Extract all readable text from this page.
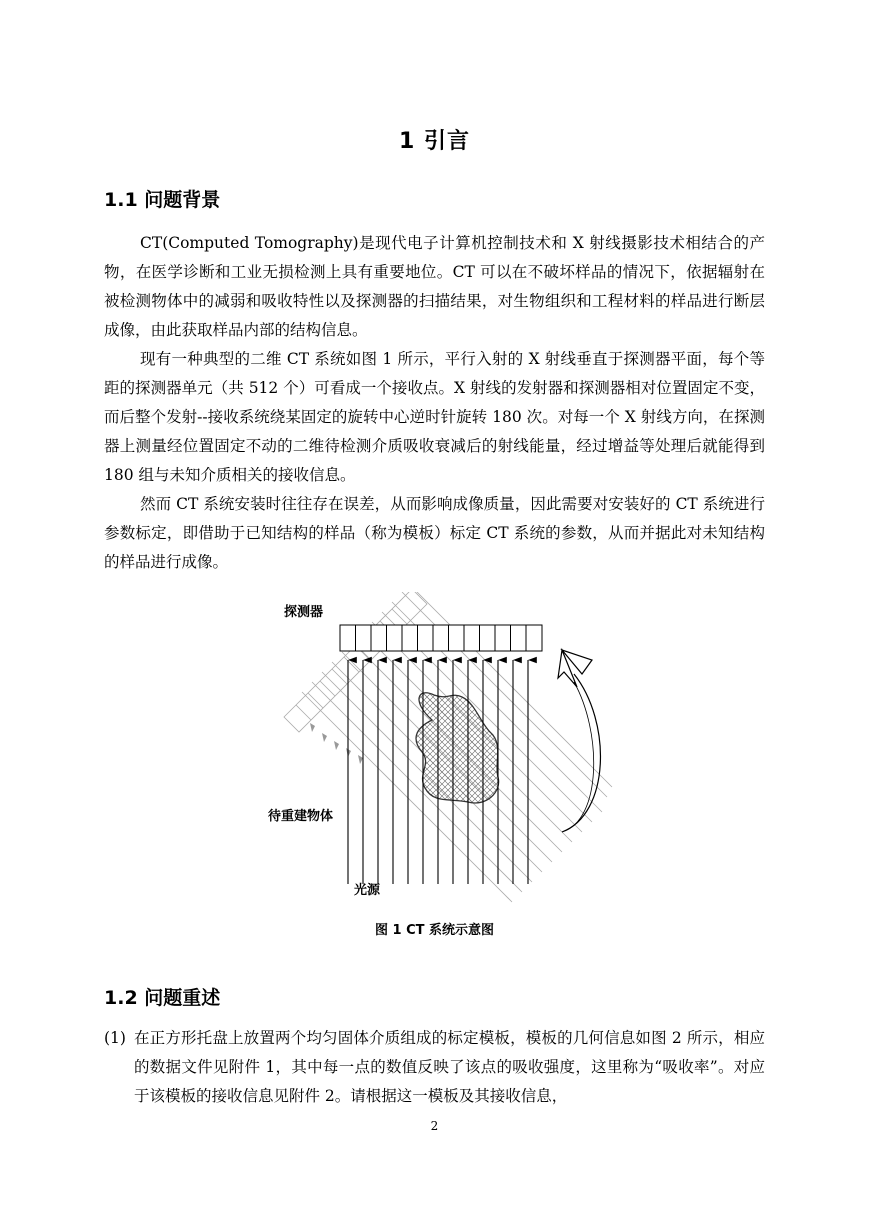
1 引言
1.1 问题背景

CT(Computed Tomography)是现代电子计算机控制技术和 X 射线摄影技术相结合的产物，在医学诊断和工业无损检测上具有重要地位。CT 可以在不破坏样品的情况下，依据辐射在被检测物体中的减弱和吸收特性以及探测器的扫描结果，对生物组织和工程材料的样品进行断层成像，由此获取样品内部的结构信息。

现有一种典型的二维 CT 系统如图 1 所示，平行入射的 X 射线垂直于探测器平面，每个等距的探测器单元（共 512 个）可看成一个接收点。X 射线的发射器和探测器相对位置固定不变，而后整个发射--接收系统绕某固定的旋转中心逆时针旋转 180 次。对每一个 X 射线方向，在探测器上测量经位置固定不动的二维待检测介质吸收衰减后的射线能量，经过增益等处理后就能得到 180 组与未知介质相关的接收信息。

然而 CT 系统安装时往往存在误差，从而影响成像质量，因此需要对安装好的 CT 系统进行参数标定，即借助于已知结构的样品（称为模板）标定 CT 系统的参数，从而并据此对未知结构的样品进行成像。

探测器
待重建物体
光源
图 1 CT 系统示意图
1.2 问题重述
(1) 在正方形托盘上放置两个均匀固体介质组成的标定模板，模板的几何信息如图 2 所示，相应的数据文件见附件 1，其中每一点的数值反映了该点的吸收强度，这里称为“吸收率”。对应于该模板的接收信息见附件 2。请根据这一模板及其接收信息，
2
